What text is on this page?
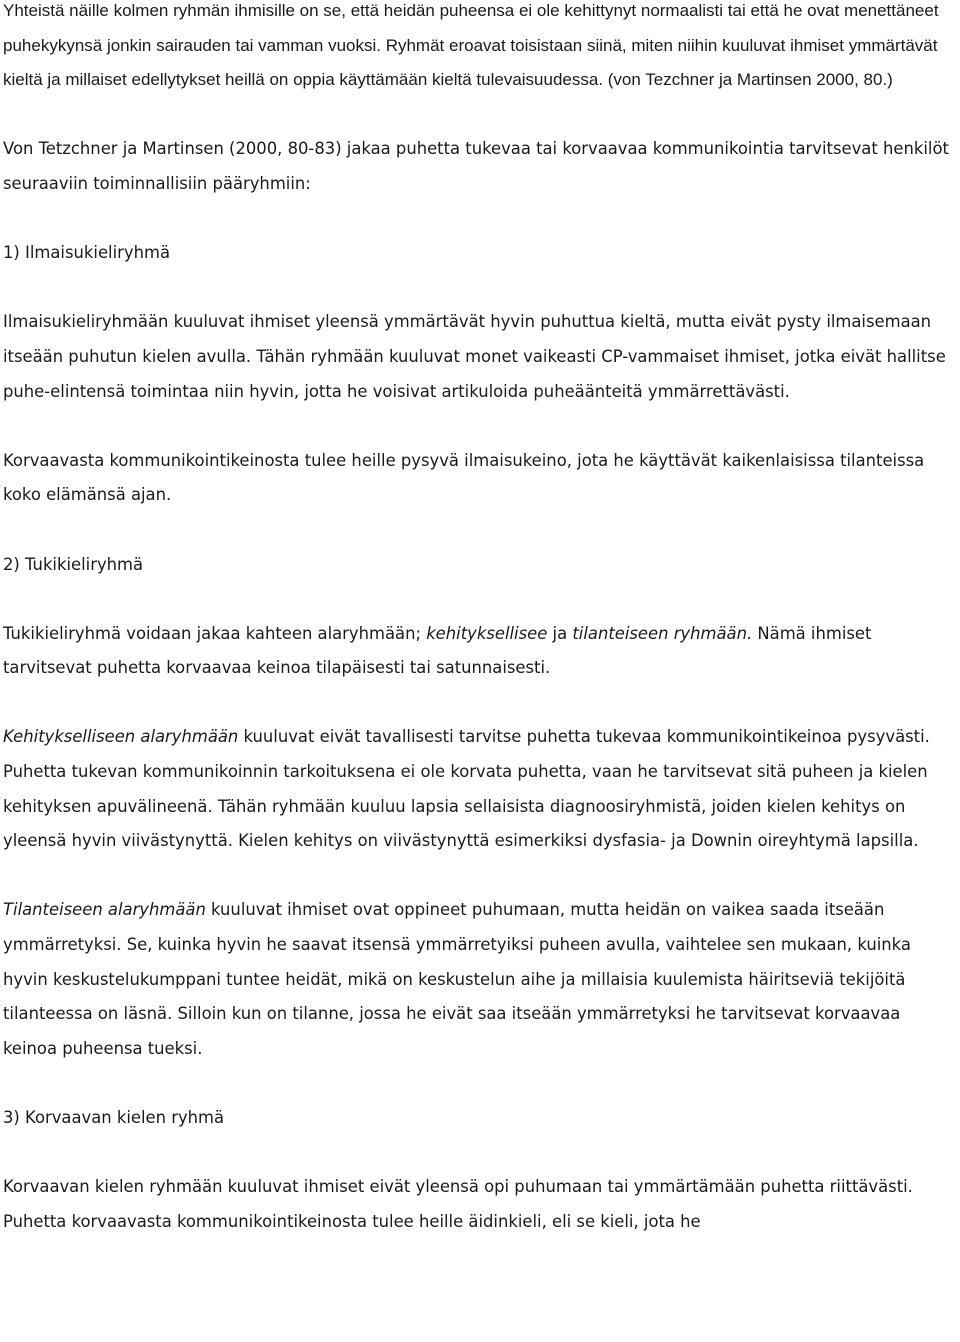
Yhteistä näille kolmen ryhmän ihmisille on se, että heidän puheensa ei ole kehittynyt normaalisti tai että he ovat menettäneet puhekykynsä jonkin sairauden tai vamman vuoksi. Ryhmät eroavat toisistaan siinä, miten niihin kuuluvat ihmiset ymmärtävät kieltä ja millaiset edellytykset heillä on oppia käyttämään kieltä tulevaisuudessa. (von Tezchner ja Martinsen 2000, 80.)

Von Tetzchner ja Martinsen (2000, 80-83) jakaa puhetta tukevaa tai korvaavaa kommunikointia tarvitsevat henkilöt seuraaviin toiminnallisiin pääryhmiin:

1) Ilmaisukieliryhmä

Ilmaisukieliryhmään kuuluvat ihmiset yleensä ymmärtävät hyvin puhuttua kieltä, mutta eivät pysty ilmaisemaan itseään puhutun kielen avulla. Tähän ryhmään kuuluvat monet vaikeasti CP-vammaiset ihmiset, jotka eivät hallitse puhe-elintensä toimintaa niin hyvin, jotta he voisivat artikuloida puheäänteitä ymmärrettävästi.

Korvaavasta kommunikointikeinosta tulee heille pysyvä ilmaisukeino, jota he käyttävät kaikenlaisissa tilanteissa koko elämänsä ajan.

2) Tukikieliryhmä

Tukikieliryhmä voidaan jakaa kahteen alaryhmään; kehityksellisee ja tilanteiseen ryhmään. Nämä ihmiset tarvitsevat puhetta korvaavaa keinoa tilapäisesti tai satunnaisesti.

Kehitykselliseen alaryhmään kuuluvat eivät tavallisesti tarvitse puhetta tukevaa kommunikointikeinoa pysyvästi. Puhetta tukevan kommunikoinnin tarkoituksena ei ole korvata puhetta, vaan he tarvitsevat sitä puheen ja kielen kehityksen apuvälineenä. Tähän ryhmään kuuluu lapsia sellaisista diagnoosiryhmistä, joiden kielen kehitys on yleensä hyvin viivästynyttä. Kielen kehitys on viivästynyttä esimerkiksi dysfasia- ja Downin oireyhtymä lapsilla.

Tilanteiseen alaryhmään kuuluvat ihmiset ovat oppineet puhumaan, mutta heidän on vaikea saada itseään ymmärretyksi. Se, kuinka hyvin he saavat itsensä ymmärretyiksi puheen avulla, vaihtelee sen mukaan, kuinka hyvin keskustelukumppani tuntee heidät, mikä on keskustelun aihe ja millaisia kuulemista häiritseviä tekijöitä tilanteessa on läsnä. Silloin kun on tilanne, jossa he eivät saa itseään ymmärretyksi he tarvitsevat korvaavaa keinoa puheensa tueksi.

3) Korvaavan kielen ryhmä

Korvaavan kielen ryhmään kuuluvat ihmiset eivät yleensä opi puhumaan tai ymmärtämään puhetta riittävästi. Puhetta korvaavasta kommunikointikeinosta tulee heille äidinkieli, eli se kieli, jota he
